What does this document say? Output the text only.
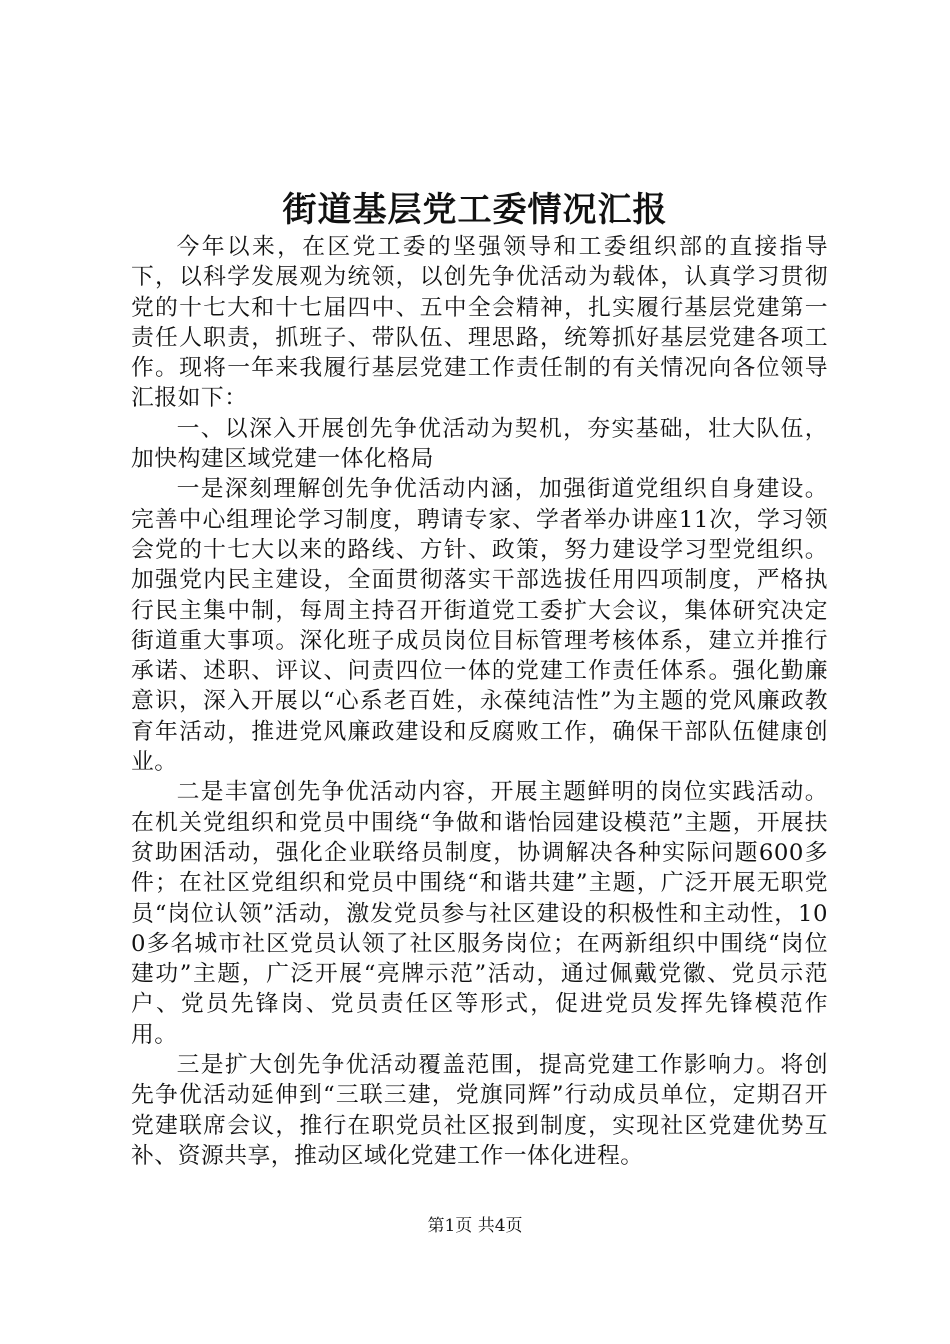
街道基层党工委情况汇报

今年以来，在区党工委的坚强领导和工委组织部的直接指导下，以科学发展观为统领，以创先争优活动为载体，认真学习贯彻党的十七大和十七届四中、五中全会精神，扎实履行基层党建第一责任人职责，抓班子、带队伍、理思路，统筹抓好基层党建各项工作。现将一年来我履行基层党建工作责任制的有关情况向各位领导汇报如下：

一、以深入开展创先争优活动为契机，夯实基础，壮大队伍，加快构建区域党建一体化格局

一是深刻理解创先争优活动内涵，加强街道党组织自身建设。完善中心组理论学习制度，聘请专家、学者举办讲座11次，学习领会党的十七大以来的路线、方针、政策，努力建设学习型党组织。加强党内民主建设，全面贯彻落实干部选拔任用四项制度，严格执行民主集中制，每周主持召开街道党工委扩大会议，集体研究决定街道重大事项。深化班子成员岗位目标管理考核体系，建立并推行承诺、述职、评议、问责四位一体的党建工作责任体系。强化勤廉意识，深入开展以“心系老百姓，永葆纯洁性”为主题的党风廉政教育年活动，推进党风廉政建设和反腐败工作，确保干部队伍健康创业。

二是丰富创先争优活动内容，开展主题鲜明的岗位实践活动。在机关党组织和党员中围绕“争做和谐怡园建设模范”主题，开展扶贫助困活动，强化企业联络员制度，协调解决各种实际问题600多件；在社区党组织和党员中围绕“和谐共建”主题，广泛开展无职党员“岗位认领”活动，激发党员参与社区建设的积极性和主动性，100多名城市社区党员认领了社区服务岗位；在两新组织中围绕“岗位建功”主题，广泛开展“亮牌示范”活动，通过佩戴党徽、党员示范户、党员先锋岗、党员责任区等形式，促进党员发挥先锋模范作用。

三是扩大创先争优活动覆盖范围，提高党建工作影响力。将创先争优活动延伸到“三联三建，党旗同辉”行动成员单位，定期召开党建联席会议，推行在职党员社区报到制度，实现社区党建优势互补、资源共享，推动区域化党建工作一体化进程。

第1页 共4页
